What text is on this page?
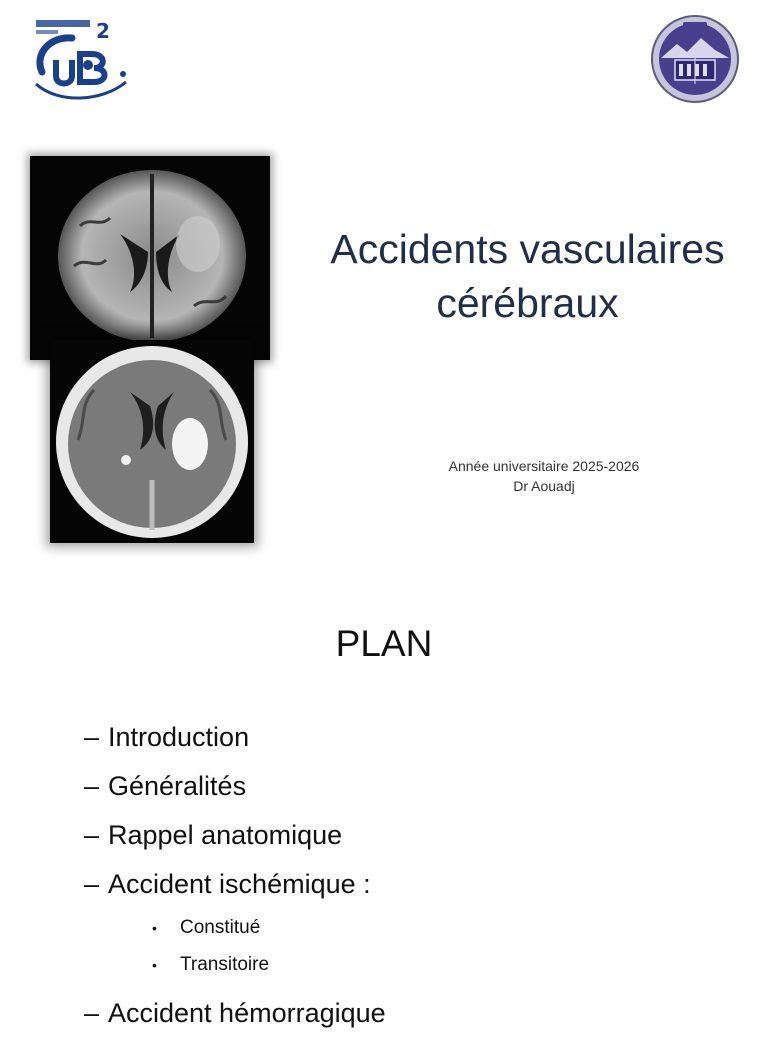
2
Accidents vasculaires
cérébraux
Année universitaire 2025-2026
Dr Aouadj
PLAN
– Introduction
– Généralités
– Rappel anatomique
– Accident ischémique :
• Constitué
• Transitoire
– Accident hémorragique
